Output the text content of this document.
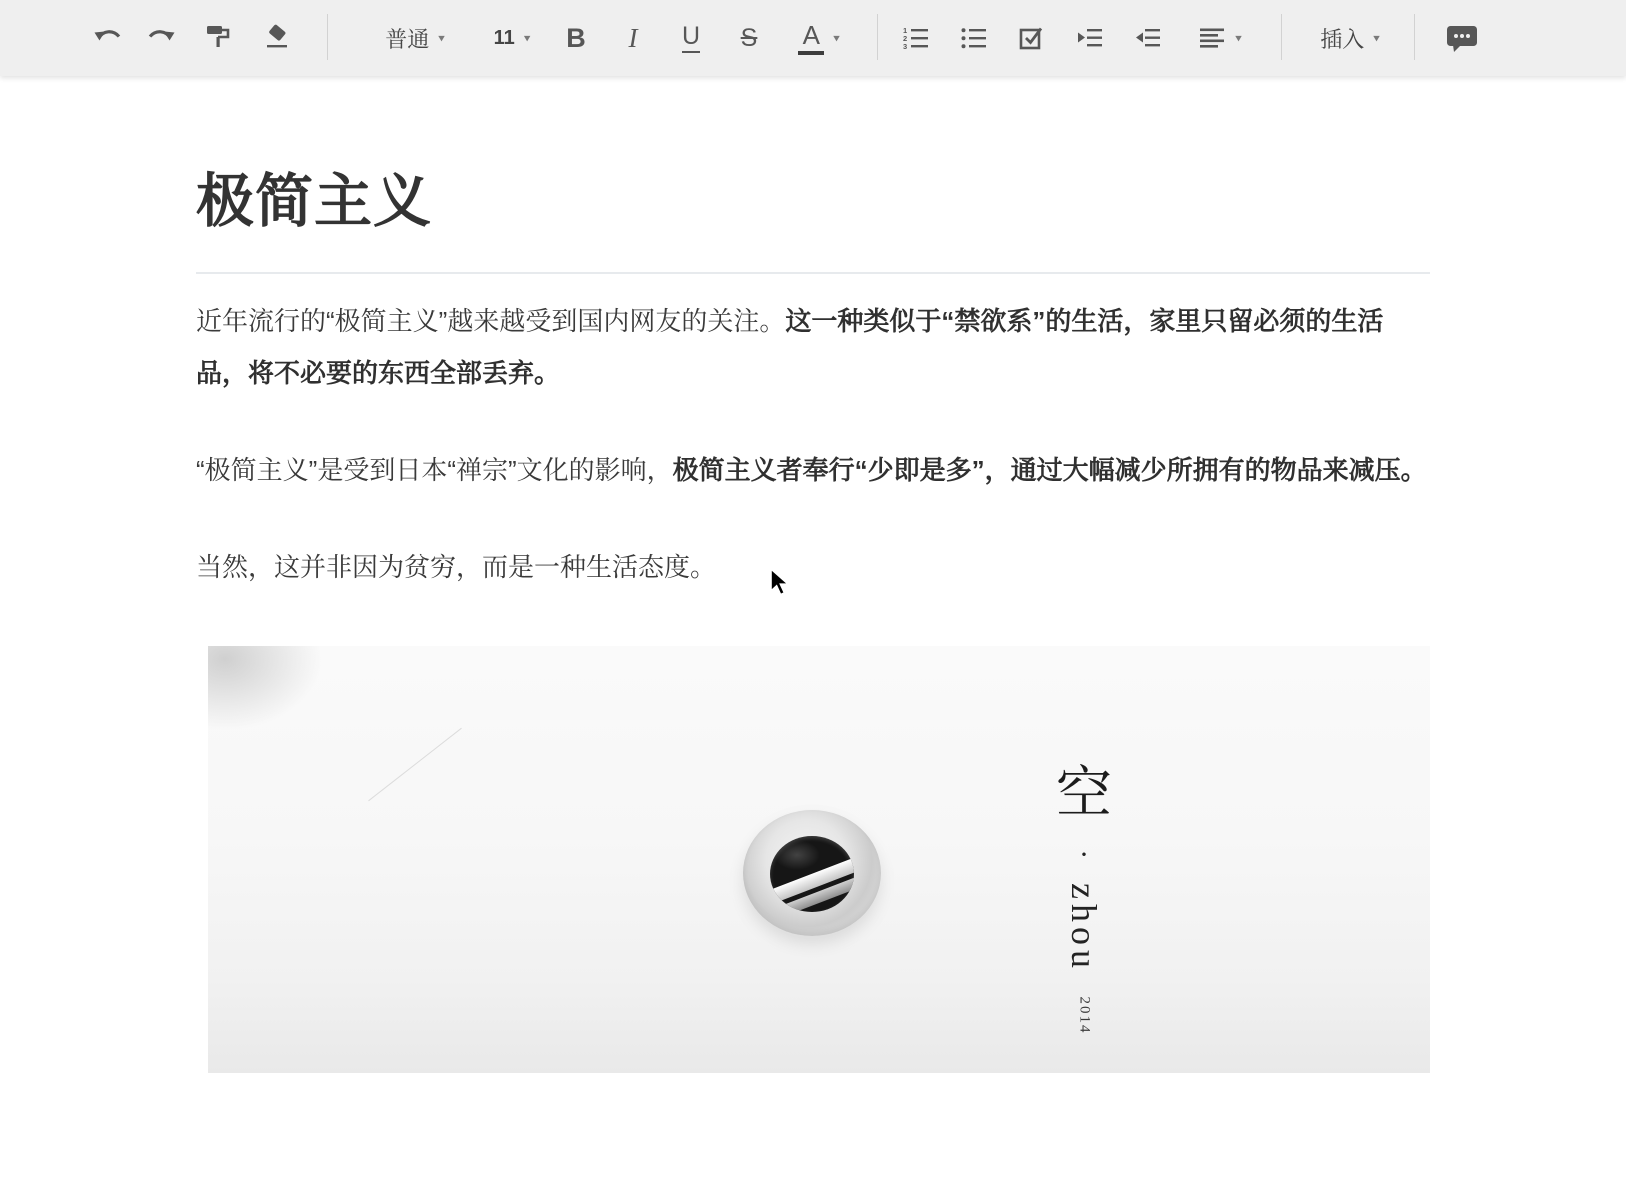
普通 ▾ 11 ▾ B I U S A ▾
1
2
3
▾	插入 ▾
极简主义

近年流行的“极简主义”越来越受到国内网友的关注。这一种类似于“禁欲系”的生活，家里只留必须的生活品，将不必要的东西全部丢弃。

“极简主义”是受到日本“禅宗”文化的影响，极简主义者奉行“少即是多”，通过大幅减少所拥有的物品来减压。

当然，这并非因为贫穷，而是一种生活态度。

空
·
zhou
2014
